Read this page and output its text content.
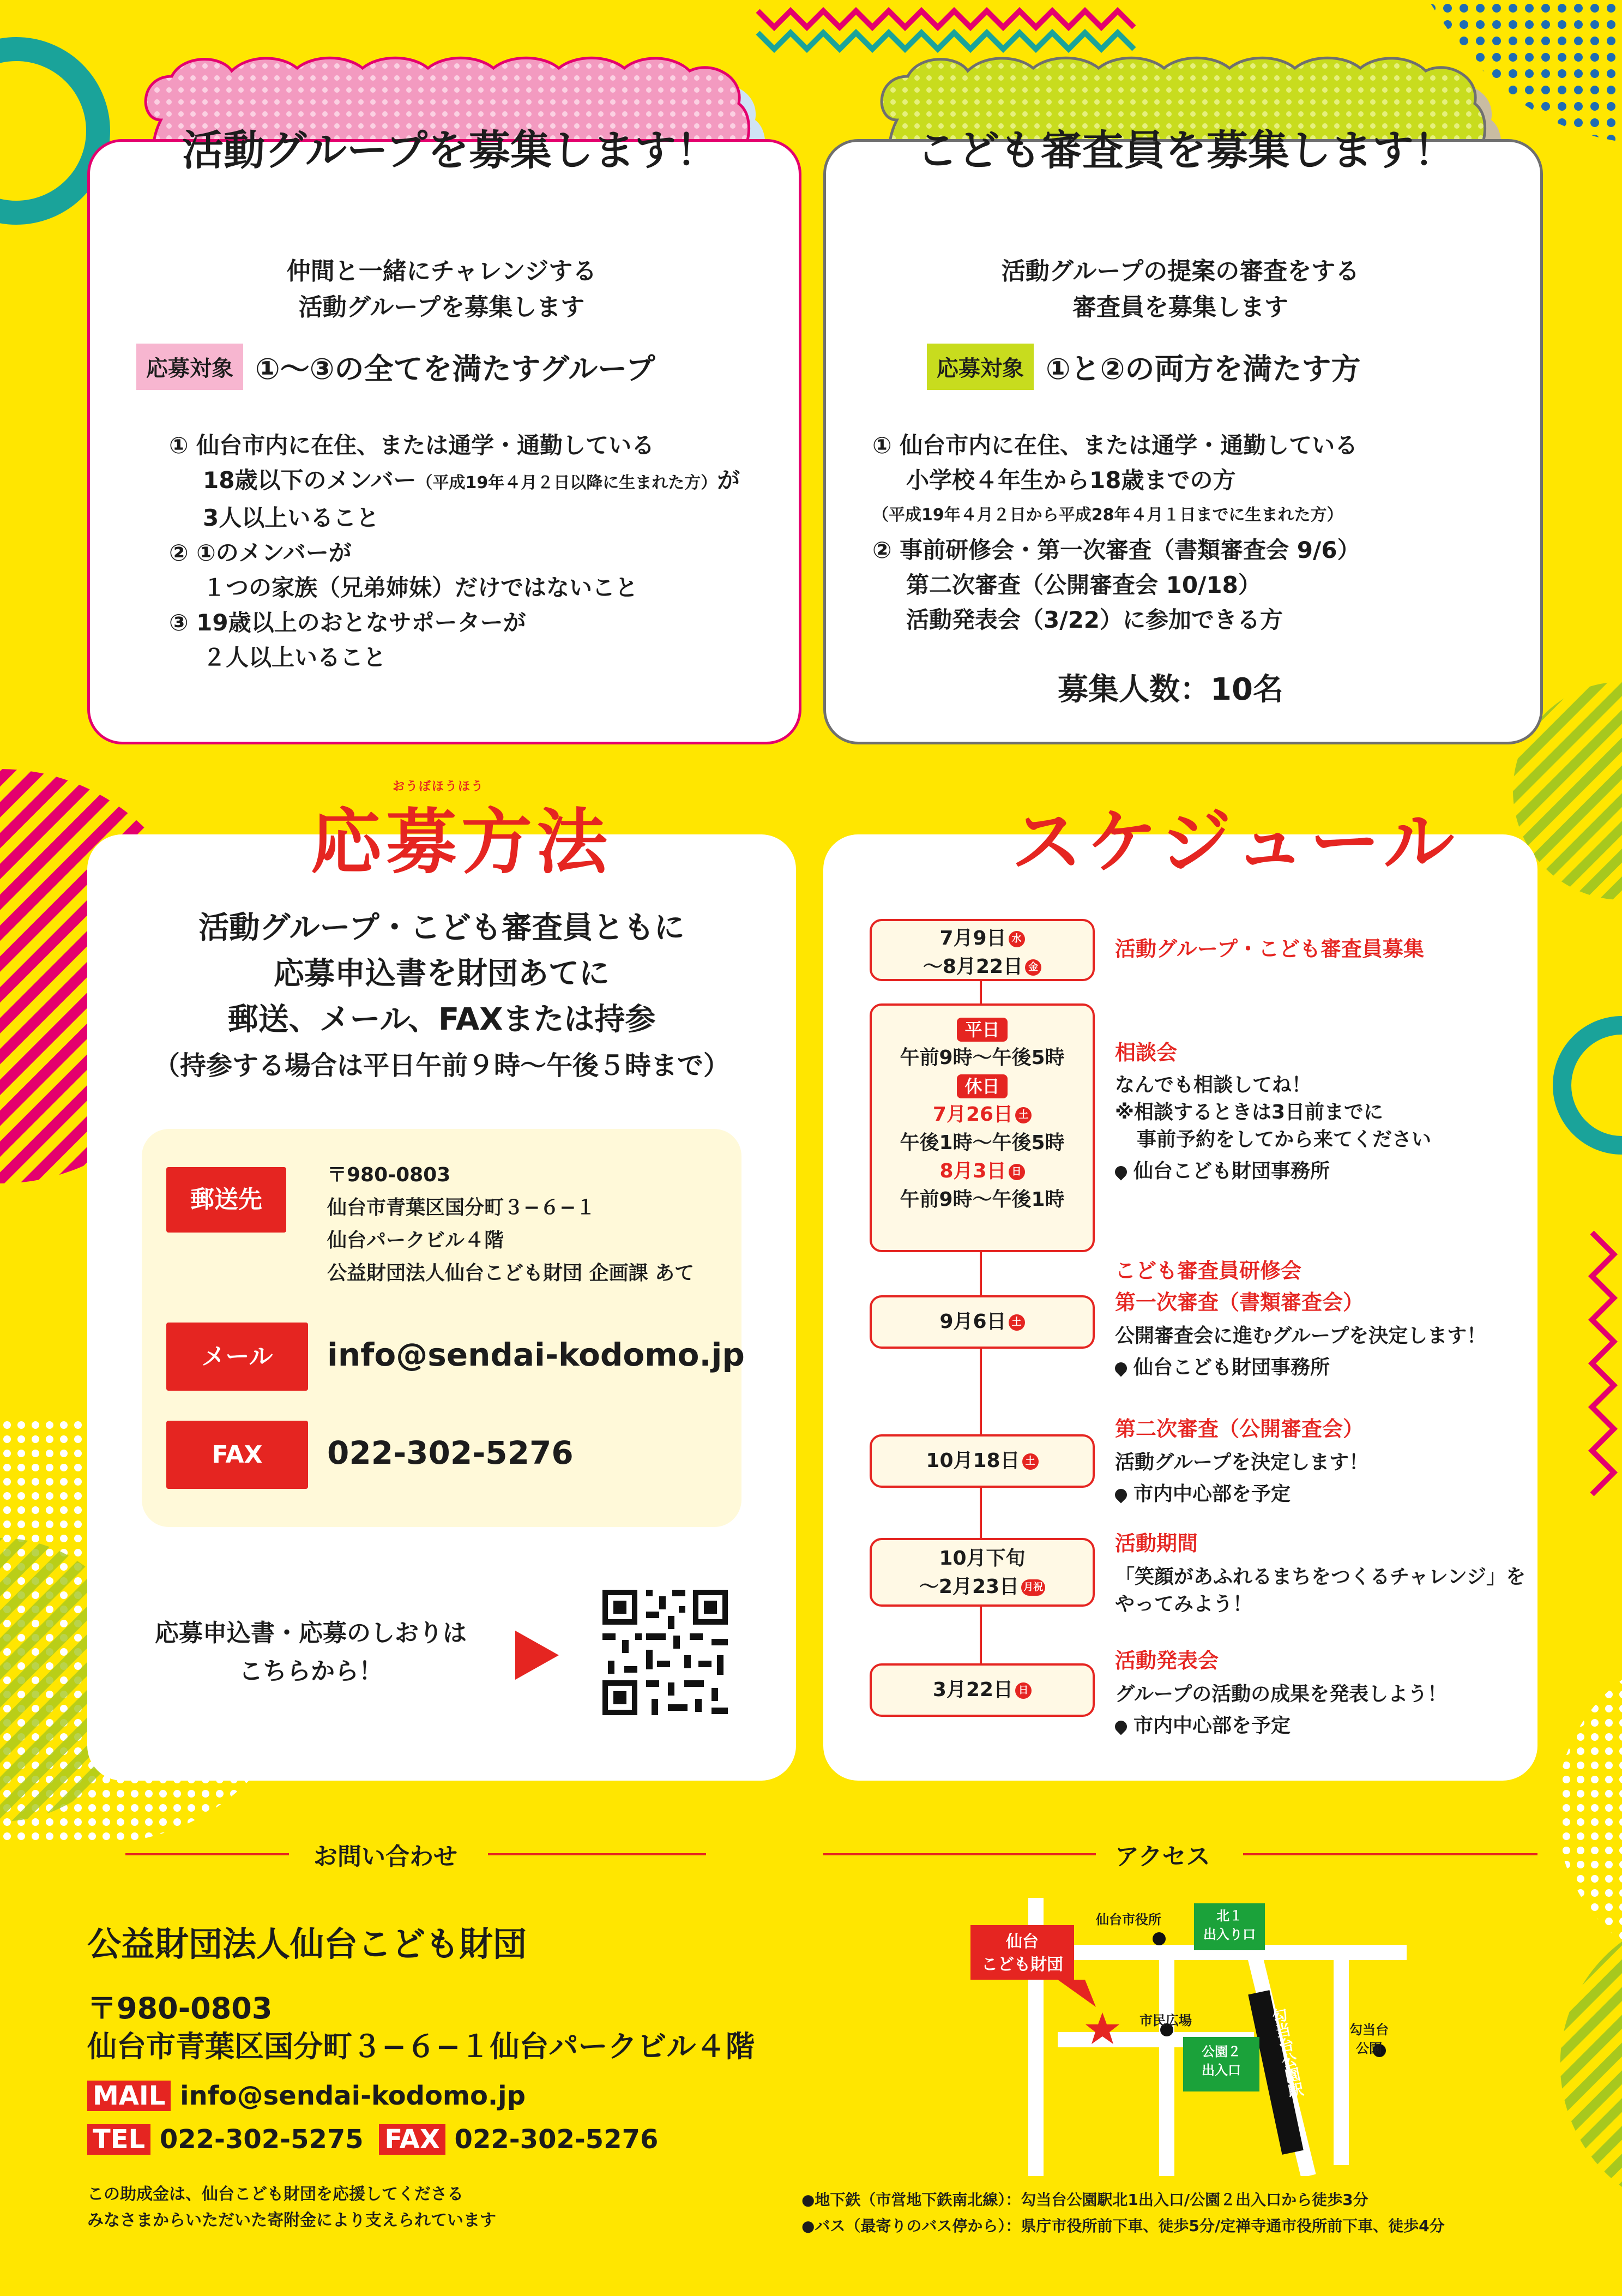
活動グループを募集します！	こども審査員を募集します！
仲間と一緒にチャレンジする
活動グループを募集します
応募対象 ①〜③の全てを満たすグループ
① 仙台市内に在住、または通学・通勤している
18歳以下のメンバー（平成19年４月２日以降に生まれた方）が
3人以上いること
② ①のメンバーが
１つの家族（兄弟姉妹）だけではないこと
③ 19歳以上のおとなサポーターが
２人以上いること
活動グループの提案の審査をする
審査員を募集します
応募対象 ①と②の両方を満たす方
① 仙台市内に在住、または通学・通勤している
小学校４年生から18歳までの方
（平成19年４月２日から平成28年４月１日までに生まれた方）
② 事前研修会・第一次審査（書類審査会 9/6）
第二次審査（公開審査会 10/18）
活動発表会（3/22）に参加できる方
募集人数：10名
おうぼほうほう
応募方法	スケジュール
活動グループ・こども審査員ともに
応募申込書を財団あてに
郵送、メール、FAXまたは持参
（持参する場合は平日午前９時〜午後５時まで）
郵送先
〒980-0803
仙台市青葉区国分町３−６−１
仙台パークビル４階
公益財団法人仙台こども財団 企画課 あて
メール	info@sendai-kodomo.jp
FAX	022-302-5276
応募申込書・応募のしおりは
こちらから！
7月9日 水
〜8月22日 金
活動グループ・こども審査員募集
平日
午前9時〜午後5時
休日
7月26日 土
午後1時〜午後5時
8月3日 日
午前9時〜午後1時
相談会
なんでも相談してね！
※相談するときは3日前までに
事前予約をしてから来てください
仙台こども財団事務所
9月6日 土
こども審査員研修会
第一次審査（書類審査会）
公開審査会に進むグループを決定します！
仙台こども財団事務所
10月18日 土
第二次審査（公開審査会）
活動グループを決定します！
市内中心部を予定
10月下旬
〜2月23日 月祝
活動期間
「笑顔があふれるまちをつくるチャレンジ」を
やってみよう！
3月22日 日
活動発表会
グループの活動の成果を発表しよう！
市内中心部を予定
お問い合わせ
公益財団法人仙台こども財団
〒980-0803
仙台市青葉区国分町３−６−１仙台パークビル４階
MAIL info@sendai-kodomo.jp
TEL 022-302-5275 FAX 022-302-5276
この助成金は、仙台こども財団を応援してくださる
みなさまからいただいた寄附金により支えられています
アクセス
仙台市役所	北１
出入り口
仙台
こども財団
市民広場
公園２
出入口	勾当台公園駅	勾当台
公園
●地下鉄（市営地下鉄南北線）：勾当台公園駅北1出入口/公園２出入口から徒歩3分
●バス（最寄りのバス停から）：県庁市役所前下車、徒歩5分/定禅寺通市役所前下車、徒歩4分
